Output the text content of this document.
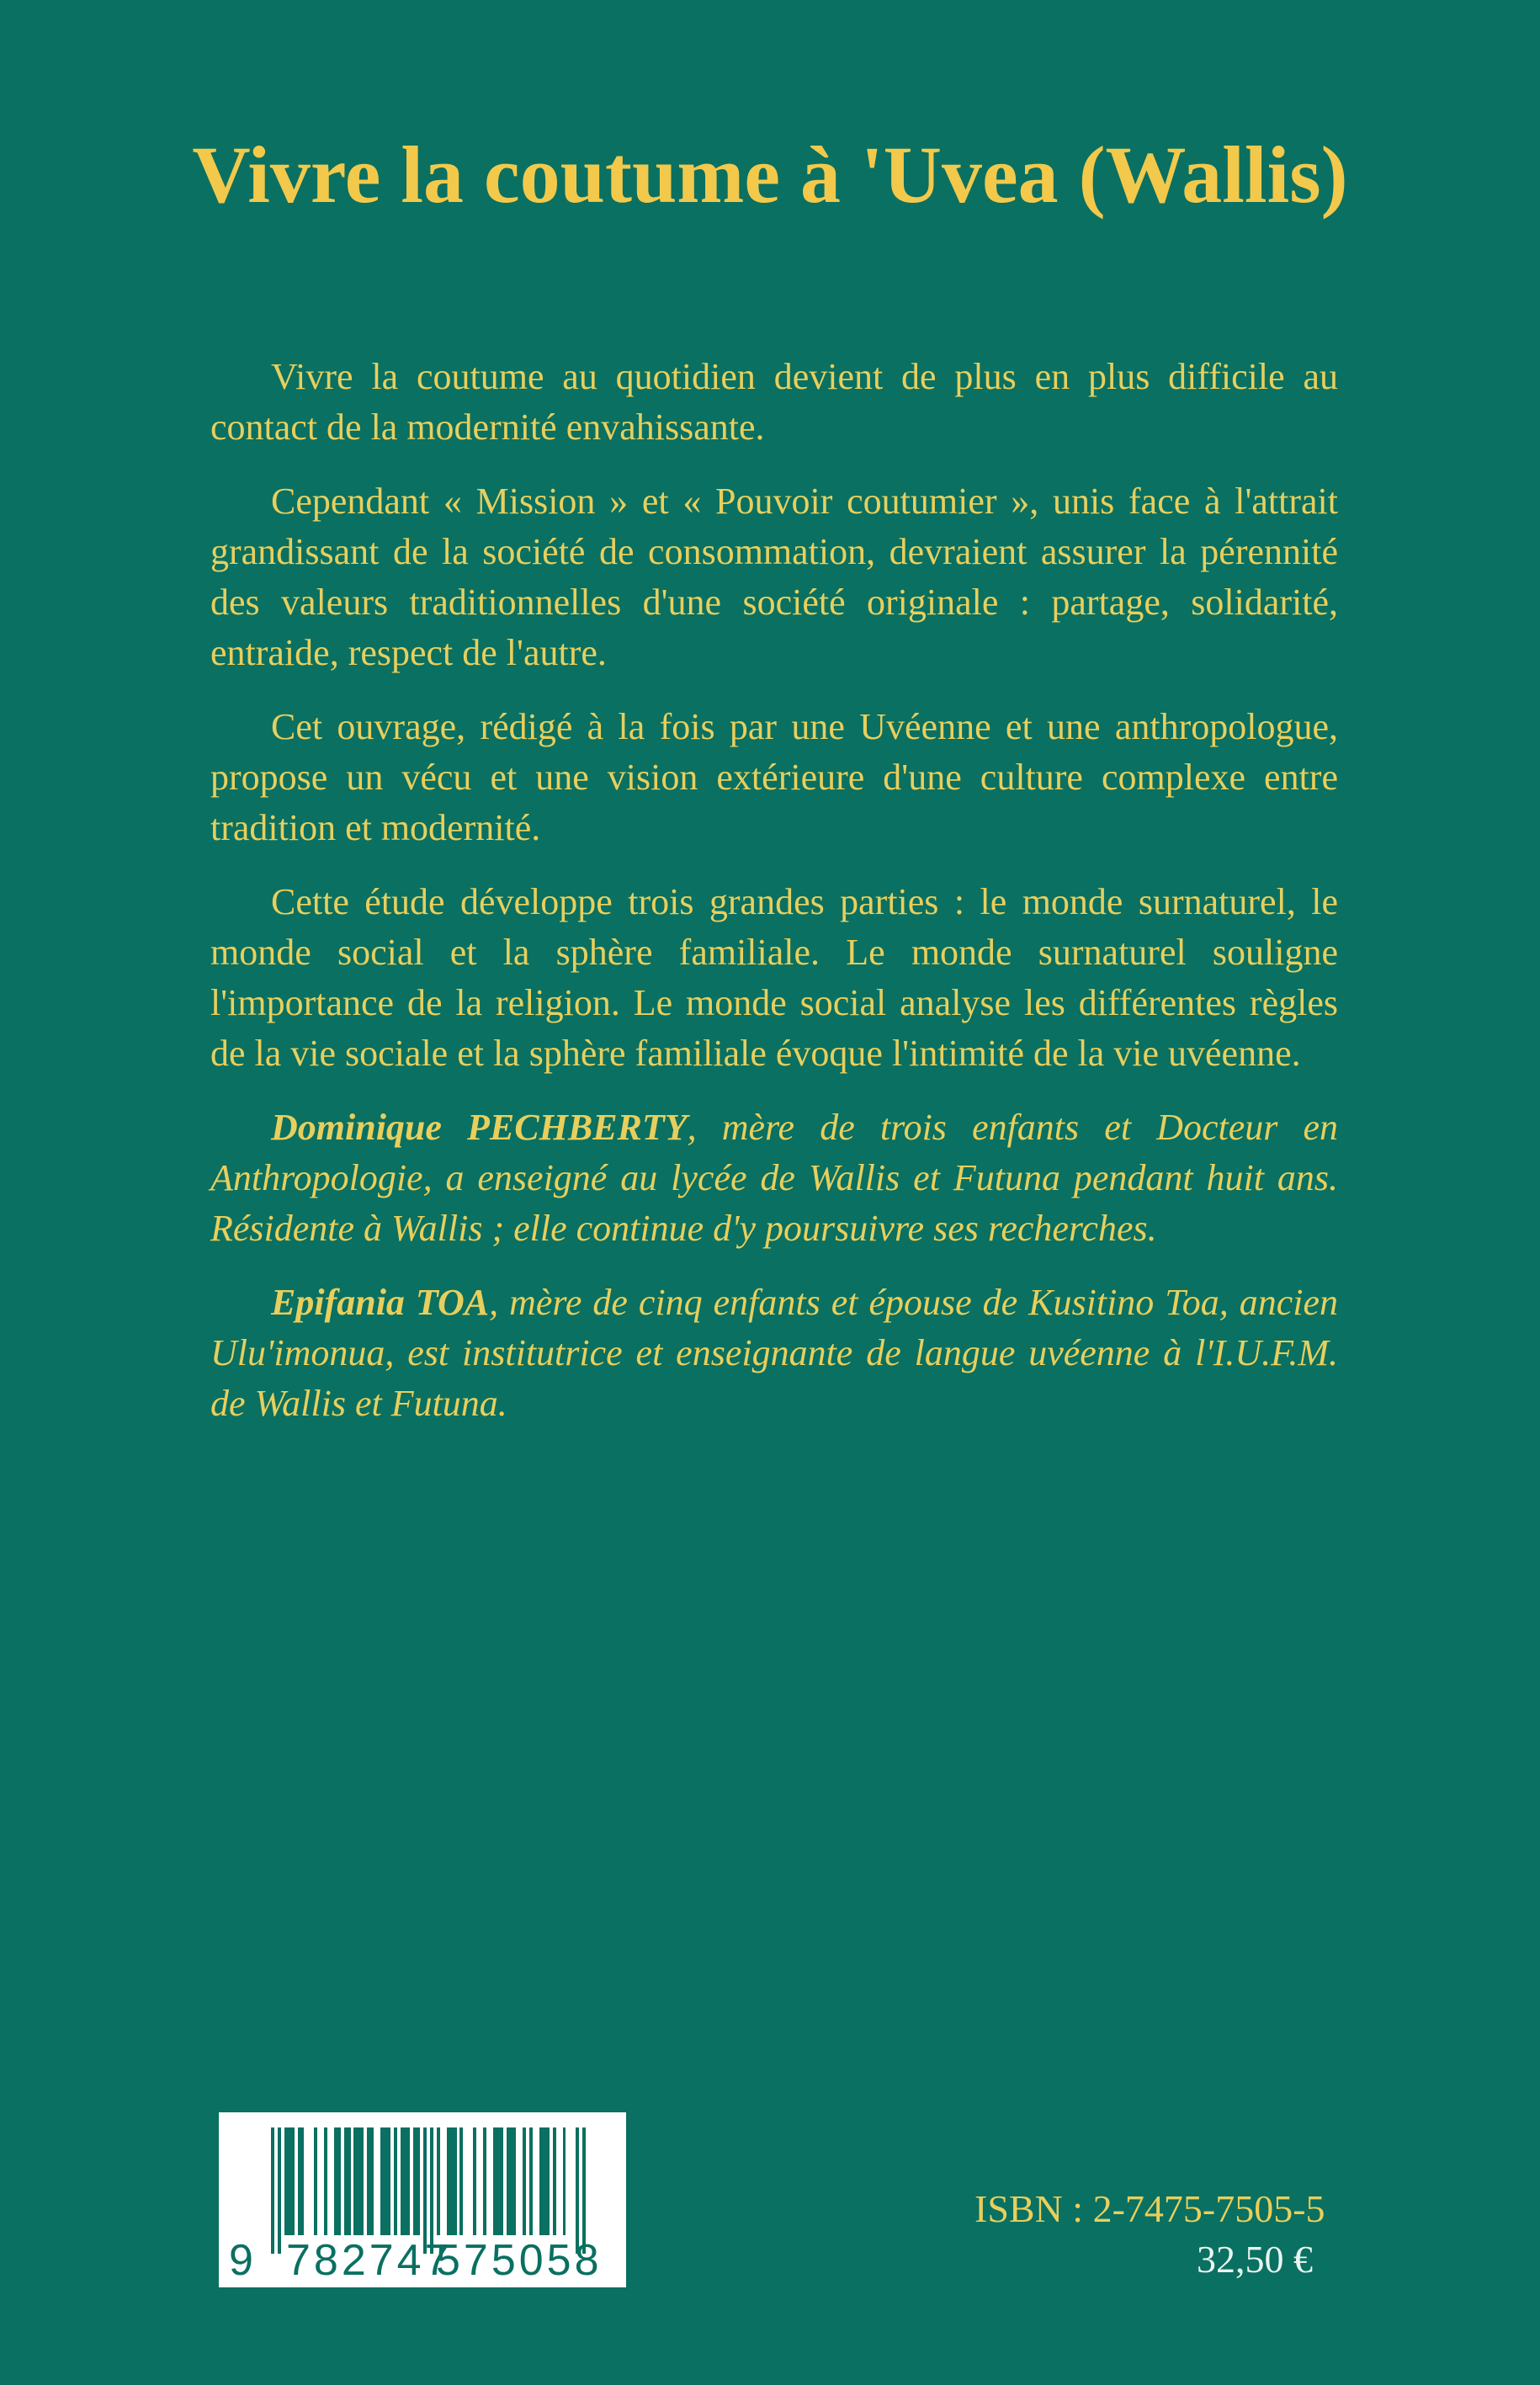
Vivre la coutume à 'Uvea (Wallis)

Vivre la coutume au quotidien devient de plus en plus difficile au contact de la modernité envahissante.

Cependant « Mission » et « Pouvoir coutumier », unis face à l'attrait grandissant de la société de consommation, devraient assurer la pérennité des valeurs traditionnelles d'une société originale : partage, solidarité, entraide, respect de l'autre.

Cet ouvrage, rédigé à la fois par une Uvéenne et une anthropologue, propose un vécu et une vision extérieure d'une culture complexe entre tradition et modernité.

Cette étude développe trois grandes parties : le monde surnaturel, le monde social et la sphère familiale. Le monde surnaturel souligne l'importance de la religion. Le monde social analyse les différentes règles de la vie sociale et la sphère familiale évoque l'intimité de la vie uvéenne.

Dominique PECHBERTY, mère de trois enfants et Docteur en Anthropologie, a enseigné au lycée de Wallis et Futuna pendant huit ans. Résidente à Wallis ; elle continue d'y poursuivre ses recherches.

Epifania TOA, mère de cinq enfants et épouse de Kusitino Toa, ancien Ulu'imonua, est institutrice et enseignante de langue uvéenne à l'I.U.F.M. de Wallis et Futuna.

9 782747

575058

ISBN : 2-7475-7505-5

32,50 €
